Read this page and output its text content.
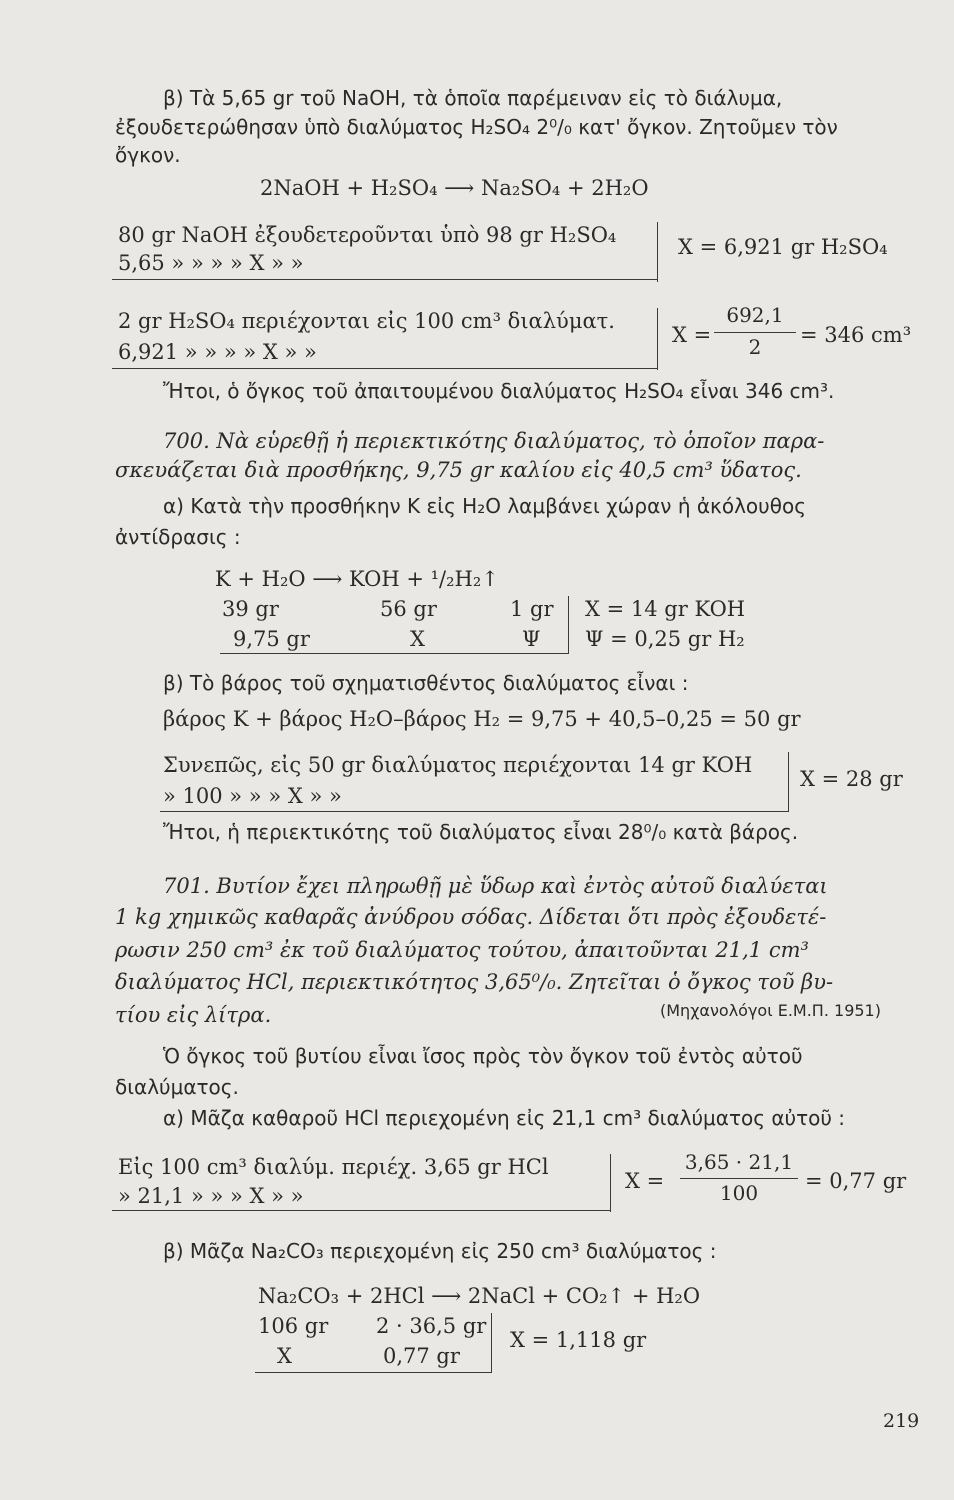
β) Τὰ 5,65 gr τοῦ NaOH, τὰ ὁποῖα παρέμειναν εἰς τὸ διάλυμα,
ἐξουδετερώθησαν ὑπὸ διαλύματος H₂SO₄ 2⁰/₀ κατ' ὄγκον. Ζητοῦμεν τὸν
ὄγκον.
2NaOH + H₂SO₄ ⟶ Na₂SO₄ + 2H₂O
80 gr NaOH ἐξουδετεροῦνται ὑπὸ 98 gr H₂SO₄
5,65 » » » » X » »
X = 6,921 gr H₂SO₄
2 gr H₂SO₄ περιέχονται εἰς 100 cm³ διαλύματ.
6,921 » » » » X » »
X =
692,1
2	= 346 cm³
Ἤτοι, ὁ ὄγκος τοῦ ἀπαιτουμένου διαλύματος H₂SO₄ εἶναι 346 cm³.
700. Νὰ εὑρεθῇ ἡ περιεκτικότης διαλύματος, τὸ ὁποῖον παρα-
σκευάζεται διὰ προσθήκης, 9,75 gr καλίου εἰς 40,5 cm³ ὕδατος.
α) Κατὰ τὴν προσθήκην K εἰς H₂O λαμβάνει χώραν ἡ ἀκόλουθος
ἀντίδρασις :
K + H₂O ⟶ KOH + ¹/₂H₂↑
39 gr	56 gr	1 gr
9,75 gr	X	Ψ
X = 14 gr KOH
Ψ = 0,25 gr H₂
β) Τὸ βάρος τοῦ σχηματισθέντος διαλύματος εἶναι :
βάρος K + βάρος H₂O–βάρος H₂ = 9,75 + 40,5–0,25 = 50 gr
Συνεπῶς, εἰς 50 gr διαλύματος περιέχονται 14 gr KOH
» 100 » » » X » »
X = 28 gr
Ἤτοι, ἡ περιεκτικότης τοῦ διαλύματος εἶναι 28⁰/₀ κατὰ βάρος.
701. Βυτίον ἔχει πληρωθῇ μὲ ὕδωρ καὶ ἐντὸς αὐτοῦ διαλύεται
1 kg χημικῶς καθαρᾶς ἀνύδρου σόδας. Δίδεται ὅτι πρὸς ἐξουδετέ-
ρωσιν 250 cm³ ἐκ τοῦ διαλύματος τούτου, ἀπαιτοῦνται 21,1 cm³
διαλύματος HCl, περιεκτικότητος 3,65⁰/₀. Ζητεῖται ὁ ὄγκος τοῦ βυ-
τίου εἰς λίτρα.	(Μηχανολόγοι Ε.Μ.Π. 1951)
Ὁ ὄγκος τοῦ βυτίου εἶναι ἴσος πρὸς τὸν ὄγκον τοῦ ἐντὸς αὐτοῦ
διαλύματος.
α) Μᾶζα καθαροῦ HCl περιεχομένη εἰς 21,1 cm³ διαλύματος αὐτοῦ :
Εἰς 100 cm³ διαλύμ. περιέχ. 3,65 gr HCl
» 21,1 » » » X » »
X =
3,65 · 21,1
100	= 0,77 gr
β) Μᾶζα Na₂CO₃ περιεχομένη εἰς 250 cm³ διαλύματος :
Na₂CO₃ + 2HCl ⟶ 2NaCl + CO₂↑ + H₂O
106 gr 2 · 36,5 gr
X	0,77 gr
X = 1,118 gr
219
